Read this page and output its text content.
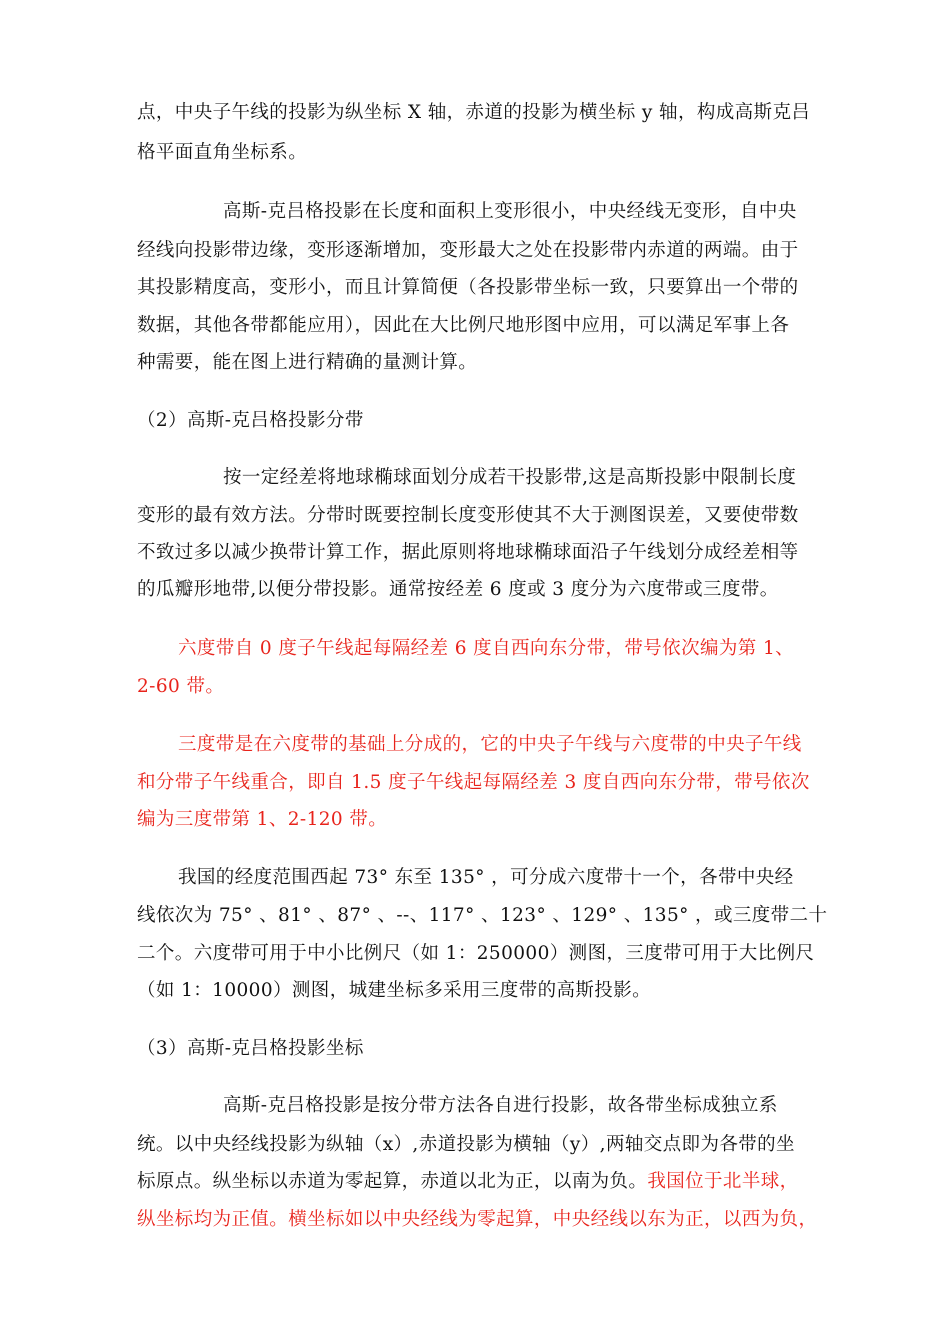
点，中央子午线的投影为纵坐标 X 轴，赤道的投影为横坐标 y 轴，构成高斯克吕
格平面直角坐标系。
高斯-克吕格投影在长度和面积上变形很小，中央经线无变形，自中央
经线向投影带边缘，变形逐渐增加，变形最大之处在投影带内赤道的两端。由于
其投影精度高，变形小，而且计算简便（各投影带坐标一致，只要算出一个带的
数据，其他各带都能应用），因此在大比例尺地形图中应用，可以满足军事上各
种需要，能在图上进行精确的量测计算。
（2）高斯-克吕格投影分带
按一定经差将地球椭球面划分成若干投影带,这是高斯投影中限制长度
变形的最有效方法。分带时既要控制长度变形使其不大于测图误差，又要使带数
不致过多以减少换带计算工作，据此原则将地球椭球面沿子午线划分成经差相等
的瓜瓣形地带,以便分带投影。通常按经差 6 度或 3 度分为六度带或三度带。
六度带自 0 度子午线起每隔经差 6 度自西向东分带，带号依次编为第 1、
2-60 带。
三度带是在六度带的基础上分成的，它的中央子午线与六度带的中央子午线
和分带子午线重合，即自 1.5 度子午线起每隔经差 3 度自西向东分带，带号依次
编为三度带第 1、2-120 带。
我国的经度范围西起 73° 东至 135° ，可分成六度带十一个，各带中央经
线依次为 75° 、81° 、87° 、--、117° 、123° 、129° 、135° ，或三度带二十
二个。六度带可用于中小比例尺（如 1：250000）测图，三度带可用于大比例尺
（如 1：10000）测图，城建坐标多采用三度带的高斯投影。
（3）高斯-克吕格投影坐标
高斯-克吕格投影是按分带方法各自进行投影，故各带坐标成独立系
统。以中央经线投影为纵轴（x）,赤道投影为横轴（y）,两轴交点即为各带的坐
标原点。纵坐标以赤道为零起算，赤道以北为正，以南为负。我国位于北半球，
纵坐标均为正值。横坐标如以中央经线为零起算，中央经线以东为正，以西为负，
